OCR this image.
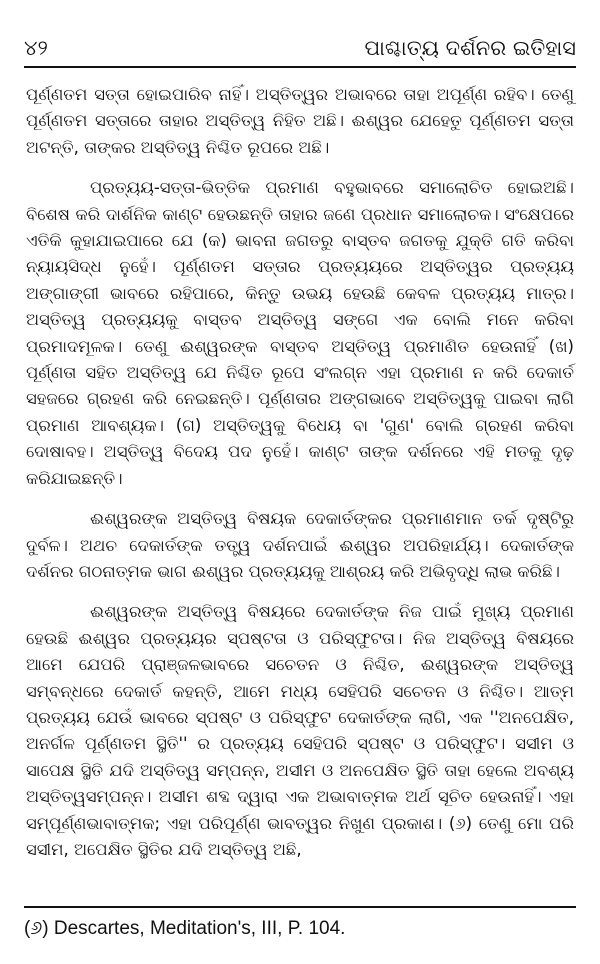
୪୨	ପାଶ୍ଚାତ୍ୟ ଦର୍ଶନର ଇତିହାସ

ପୂର୍ଣ୍ଣତମ ସତ୍ତା ହୋଇପାରିବ ନାହିଁ। ଅସ୍ତିତ୍ୱର ଅଭାବରେ ତାହା ଅପୂର୍ଣ୍ଣ ରହିବ। ତେଣୁ ପୂର୍ଣ୍ଣତମ ସତ୍ତାରେ ତାହାର ଅସ୍ତିତ୍ୱ ନିହିତ ଅଛି। ଈଶ୍ୱର ଯେହେତୁ ପୂର୍ଣ୍ଣତମ ସତ୍ତା ଅଟନ୍ତି, ତାଙ୍କର ଅସ୍ତିତ୍ୱ ନିଶ୍ଚିତ ରୂପରେ ଅଛି।

ପ୍ରତ୍ୟୟ-ସତ୍ତା-ଭିତ୍ତିକ ପ୍ରମାଣ ବହୁଭାବରେ ସମାଲୋଚିତ ହୋଇଅଛି। ବିଶେଷ କରି ଦାର୍ଶନିକ କାଣ୍ଟ ହେଉଛନ୍ତି ତାହାର ଜଣେ ପ୍ରଧାନ ସମାଲୋଚକ। ସଂକ୍ଷେପରେ ଏତିକି କୁହାଯାଇପାରେ ଯେ (କ) ଭାବନା ଜଗତରୁ ବାସ୍ତବ ଜଗତକୁ ଯୁକ୍ତି ଗତି କରିବା ନ୍ୟାୟସିଦ୍ଧ ନୁହେଁ। ପୂର୍ଣ୍ଣତମ ସତ୍ତାର ପ୍ରତ୍ୟୟରେ ଅସ୍ତିତ୍ୱର ପ୍ରତ୍ୟୟ ଅଙ୍ଗାଙ୍ଗୀ ଭାବରେ ରହିପାରେ, କିନ୍ତୁ ଉଭୟ ହେଉଛି କେବଳ ପ୍ରତ୍ୟୟ ମାତ୍ର। ଅସ୍ତିତ୍ୱ ପ୍ରତ୍ୟୟକୁ ବାସ୍ତବ ଅସ୍ତିତ୍ୱ ସଙ୍ଗେ ଏକ ବୋଲି ମନେ କରିବା ପ୍ରମାଦମୂଳକ। ତେଣୁ ଈଶ୍ୱରଙ୍କ ବାସ୍ତବ ଅସ୍ତିତ୍ୱ ପ୍ରମାଣିତ ହେଉନାହିଁ (ଖ) ପୂର୍ଣ୍ଣତା ସହିତ ଅସ୍ତିତ୍ୱ ଯେ ନିଶ୍ଚିତ ରୂପେ ସଂଲଗ୍ନ ଏହା ପ୍ରମାଣ ନ କରି ଦେକାର୍ତ ସହଜରେ ଗ୍ରହଣ କରି ନେଇଛନ୍ତି। ପୂର୍ଣ୍ଣତାର ଅଙ୍ଗଭାବେ ଅସ୍ତିତ୍ୱକୁ ପାଇବା ଲାଗି ପ୍ରମାଣ ଆବଶ୍ୟକ। (ଗ) ଅସ୍ତିତ୍ୱକୁ ବିଧେୟ ବା 'ଗୁଣ' ବୋଲି ଗ୍ରହଣ କରିବା ଦୋଷାବହ। ଅସ୍ତିତ୍ୱ ବିଦେୟ ପଦ ନୁହେଁ। କାଣ୍ଟ ତାଙ୍କ ଦର୍ଶନରେ ଏହି ମତକୁ ଦୃଢ଼ କରିଯାଇଛନ୍ତି।

ଈଶ୍ୱରଙ୍କ ଅସ୍ତିତ୍ୱ ବିଷୟକ ଦେକାର୍ତଙ୍କର ପ୍ରମାଣମାନ ତର୍କ ଦୃଷ୍ଟିରୁ ଦୁର୍ବଳ। ଅଥଚ ଦେକାର୍ତଙ୍କ ତତ୍ତ୍ୱ ଦର୍ଶନପାଇଁ ଈଶ୍ୱର ଅପରିହାର୍ଯ୍ୟ। ଦେକାର୍ତଙ୍କ ଦର୍ଶନର ଗଠନାତ୍ମକ ଭାଗ ଈଶ୍ୱର ପ୍ରତ୍ୟୟକୁ ଆଶ୍ରୟ କରି ଅଭିବୃଦ୍ଧି ଲାଭ କରିଛି।

ଈଶ୍ୱରଙ୍କ ଅସ୍ତିତ୍ୱ ବିଷୟରେ ଦେକାର୍ତଙ୍କ ନିଜ ପାଇଁ ମୁଖ୍ୟ ପ୍ରମାଣ ହେଉଛି ଈଶ୍ୱର ପ୍ରତ୍ୟୟର ସ୍ପଷ୍ଟତା ଓ ପରିସ୍ଫୁଟତା। ନିଜ ଅସ୍ତିତ୍ୱ ବିଷୟରେ ଆମେ ଯେପରି ପ୍ରାଞ୍ଜଳଭାବରେ ସଚେତନ ଓ ନିଶ୍ଚିତ, ଈଶ୍ୱରଙ୍କ ଅସ୍ତିତ୍ୱ ସମ୍ବନ୍ଧରେ ଦେକାର୍ତ କହନ୍ତି, ଆମେ ମଧ୍ୟ ସେହିପରି ସଚେତନ ଓ ନିଶ୍ଚିତ। ଆତ୍ମ ପ୍ରତ୍ୟୟ ଯେଉଁ ଭାବରେ ସ୍ପଷ୍ଟ ଓ ପରିସ୍ଫୁଟ ଦେକାର୍ତଙ୍କ ଲାଗି, ଏକ ''ଅନପେକ୍ଷିତ, ଅନର୍ଗଳ ପୂର୍ଣ୍ଣତମ ସ୍ଥିତି'' ର ପ୍ରତ୍ୟୟ ସେହିପରି ସ୍ପଷ୍ଟ ଓ ପରିସ୍ଫୁଟ। ସସୀମ ଓ ସାପେକ୍ଷ ସ୍ଥିତି ଯଦି ଅସ୍ତିତ୍ୱ ସମ୍ପନ୍ନ, ଅସୀମ ଓ ଅନପେକ୍ଷିତ ସ୍ଥିତି ତାହା ହେଲେ ଅବଶ୍ୟ ଅସ୍ତିତ୍ୱସମ୍ପନ୍ନ। ଅସୀମ ଶବ୍ଦ ଦ୍ୱାରା ଏକ ଅଭାବାତ୍ମକ ଅର୍ଥ ସୂଚିତ ହେଉନାହିଁ। ଏହା ସମ୍ପୂର୍ଣ୍ଣଭାବାତ୍ମକ; ଏହା ପରିପୂର୍ଣ୍ଣ ଭାବତ୍ୱର ନିଖୁଣ ପ୍ରକାଶ। (୬) ତେଣୁ ମୋ ପରି ସସୀମ, ଅପେକ୍ଷିତ ସ୍ଥିତିର ଯଦି ଅସ୍ତିତ୍ୱ ଅଛି,

(୬) Descartes, Meditation's, III, P. 104.
